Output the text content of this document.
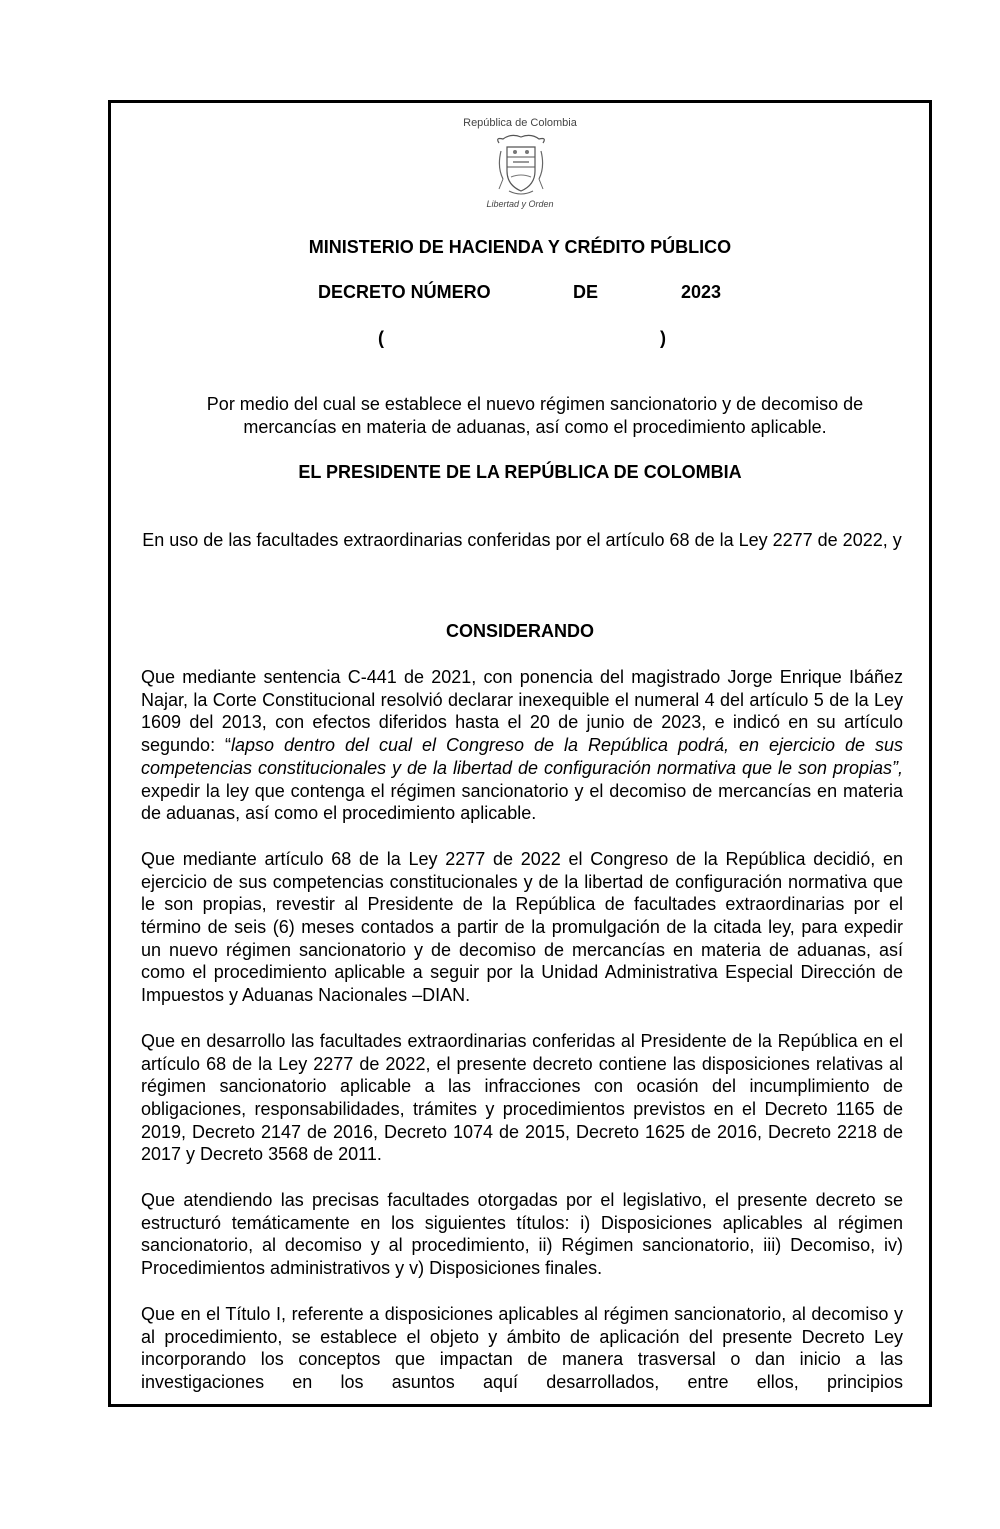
República de Colombia
Libertad y Orden
MINISTERIO DE HACIENDA Y CRÉDITO PÚBLICO
DECRETO NÚMERO	DE	2023
(	)
Por medio del cual se establece el nuevo régimen sancionatorio y de decomiso de mercancías en materia de aduanas, así como el procedimiento aplicable.
EL PRESIDENTE DE LA REPÚBLICA DE COLOMBIA
En uso de las facultades extraordinarias conferidas por el artículo 68 de la Ley 2277 de 2022, y
CONSIDERANDO

Que mediante sentencia C-441 de 2021, con ponencia del magistrado Jorge Enrique Ibáñez Najar, la Corte Constitucional resolvió declarar inexequible el numeral 4 del artículo 5 de la Ley 1609 del 2013, con efectos diferidos hasta el 20 de junio de 2023, e indicó en su artículo segundo: “lapso dentro del cual el Congreso de la República podrá, en ejercicio de sus competencias constitucionales y de la libertad de configuración normativa que le son propias”, expedir la ley que contenga el régimen sancionatorio y el decomiso de mercancías en materia de aduanas, así como el procedimiento aplicable.

Que mediante artículo 68 de la Ley 2277 de 2022 el Congreso de la República decidió, en ejercicio de sus competencias constitucionales y de la libertad de configuración normativa que le son propias, revestir al Presidente de la República de facultades extraordinarias por el término de seis (6) meses contados a partir de la promulgación de la citada ley, para expedir un nuevo régimen sancionatorio y de decomiso de mercancías en materia de aduanas, así como el procedimiento aplicable a seguir por la Unidad Administrativa Especial Dirección de Impuestos y Aduanas Nacionales –DIAN.

Que en desarrollo las facultades extraordinarias conferidas al Presidente de la República en el artículo 68 de la Ley 2277 de 2022, el presente decreto contiene las disposiciones relativas al régimen sancionatorio aplicable a las infracciones con ocasión del incumplimiento de obligaciones, responsabilidades, trámites y procedimientos previstos en el Decreto 1165 de 2019, Decreto 2147 de 2016, Decreto 1074 de 2015, Decreto 1625 de 2016, Decreto 2218 de 2017 y Decreto 3568 de 2011.

Que atendiendo las precisas facultades otorgadas por el legislativo, el presente decreto se estructuró temáticamente en los siguientes títulos: i) Disposiciones aplicables al régimen sancionatorio, al decomiso y al procedimiento, ii) Régimen sancionatorio, iii) Decomiso, iv) Procedimientos administrativos y v) Disposiciones finales.

Que en el Título I, referente a disposiciones aplicables al régimen sancionatorio, al decomiso y al procedimiento, se establece el objeto y ámbito de aplicación del presente Decreto Ley incorporando los conceptos que impactan de manera trasversal o dan inicio a las investigaciones en los asuntos aquí desarrollados, entre ellos, principios
